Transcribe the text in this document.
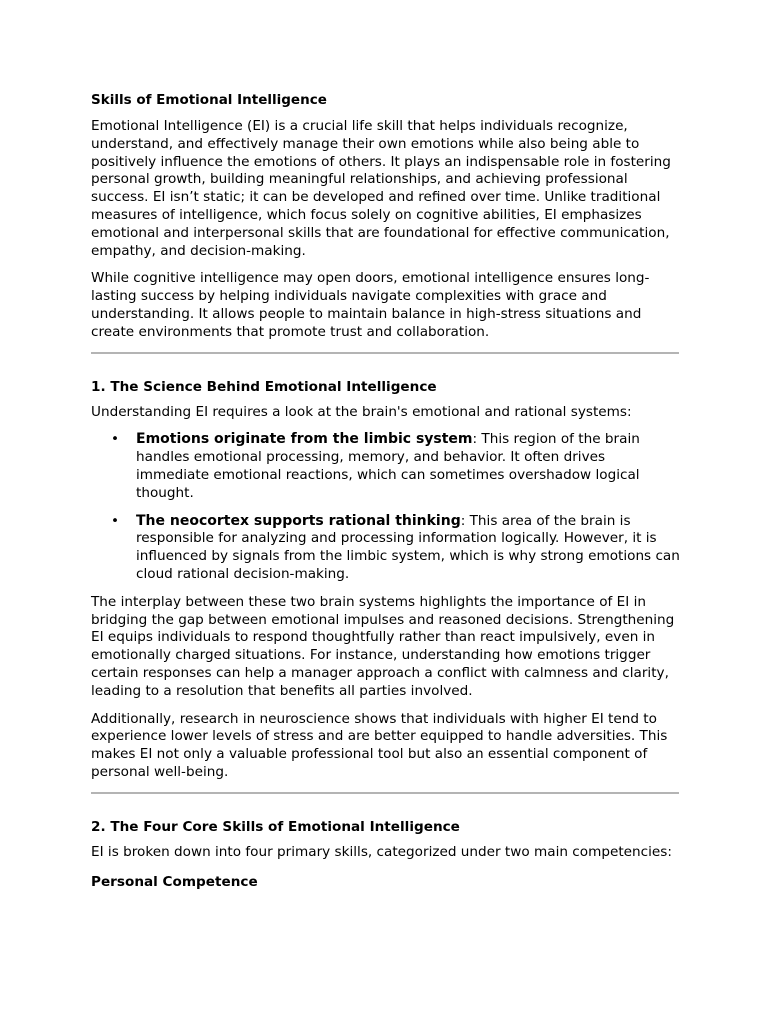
Skills of Emotional Intelligence

Emotional Intelligence (EI) is a crucial life skill that helps individuals recognize, understand, and effectively manage their own emotions while also being able to positively influence the emotions of others. It plays an indispensable role in fostering personal growth, building meaningful relationships, and achieving professional success. EI isn’t static; it can be developed and refined over time. Unlike traditional measures of intelligence, which focus solely on cognitive abilities, EI emphasizes emotional and interpersonal skills that are foundational for effective communication, empathy, and decision-making.

While cognitive intelligence may open doors, emotional intelligence ensures long-lasting success by helping individuals navigate complexities with grace and understanding. It allows people to maintain balance in high-stress situations and create environments that promote trust and collaboration.

1. The Science Behind Emotional Intelligence

Understanding EI requires a look at the brain's emotional and rational systems:

• Emotions originate from the limbic system: This region of the brain handles emotional processing, memory, and behavior. It often drives immediate emotional reactions, which can sometimes overshadow logical thought.
• The neocortex supports rational thinking: This area of the brain is responsible for analyzing and processing information logically. However, it is influenced by signals from the limbic system, which is why strong emotions can cloud rational decision-making.

The interplay between these two brain systems highlights the importance of EI in bridging the gap between emotional impulses and reasoned decisions. Strengthening EI equips individuals to respond thoughtfully rather than react impulsively, even in emotionally charged situations. For instance, understanding how emotions trigger certain responses can help a manager approach a conflict with calmness and clarity, leading to a resolution that benefits all parties involved.

Additionally, research in neuroscience shows that individuals with higher EI tend to experience lower levels of stress and are better equipped to handle adversities. This makes EI not only a valuable professional tool but also an essential component of personal well-being.

2. The Four Core Skills of Emotional Intelligence

EI is broken down into four primary skills, categorized under two main competencies:

Personal Competence
